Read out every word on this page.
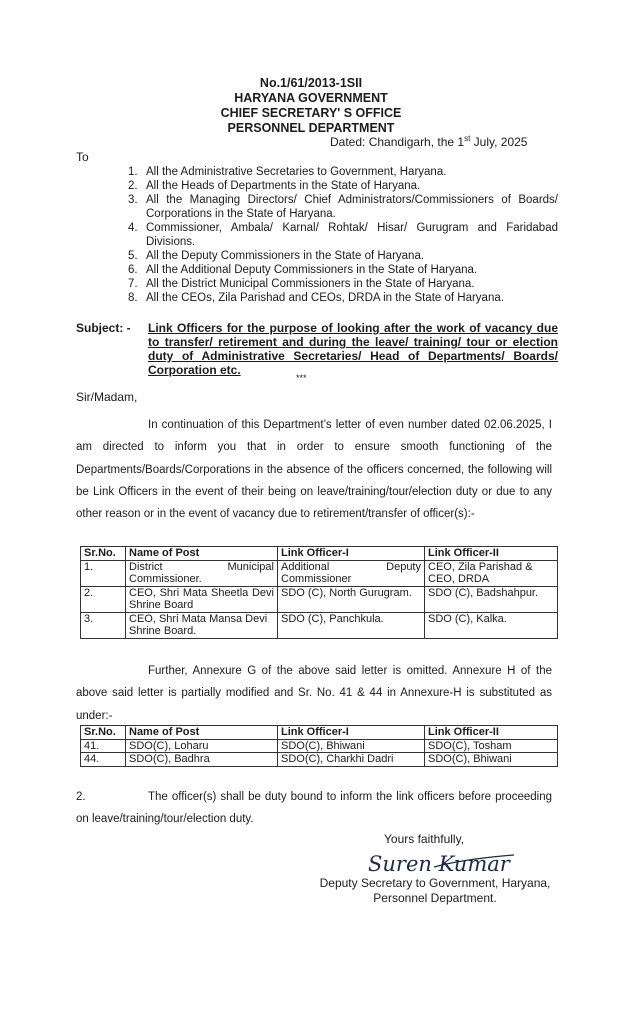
No.1/61/2013-1SII
HARYANA GOVERNMENT
CHIEF SECRETARY' S OFFICE
PERSONNEL DEPARTMENT
Dated: Chandigarh, the 1st July, 2025
To
1. All the Administrative Secretaries to Government, Haryana.
2. All the Heads of Departments in the State of Haryana.
3. All the Managing Directors/ Chief Administrators/Commissioners of Boards/ Corporations in the State of Haryana.
4. Commissioner, Ambala/ Karnal/ Rohtak/ Hisar/ Gurugram and Faridabad Divisions.
5. All the Deputy Commissioners in the State of Haryana.
6. All the Additional Deputy Commissioners in the State of Haryana.
7. All the District Municipal Commissioners in the State of Haryana.
8. All the CEOs, Zila Parishad and CEOs, DRDA in the State of Haryana.
Subject: - Link Officers for the purpose of looking after the work of vacancy due to transfer/ retirement and during the leave/ training/ tour or election duty of Administrative Secretaries/ Head of Departments/ Boards/ Corporation etc.
***
Sir/Madam,
In continuation of this Department’s letter of even number dated 02.06.2025, I am directed to inform you that in order to ensure smooth functioning of the Departments/Boards/Corporations in the absence of the officers concerned, the following will be Link Officers in the event of their being on leave/training/tour/election duty or due to any other reason or in the event of vacancy due to retirement/transfer of officer(s):-
Sr.No.	Name of Post	Link Officer-I	Link Officer-II
1.	District Municipal Commissioner.	Additional Deputy Commissioner	CEO, Zila Parishad & CEO, DRDA
2.	CEO, Shri Mata Sheetla Devi Shrine Board	SDO (C), North Gurugram.	SDO (C), Badshahpur.
3.	CEO, Shri Mata Mansa Devi Shrine Board.	SDO (C), Panchkula.	SDO (C), Kalka.
Further, Annexure G of the above said letter is omitted. Annexure H of the above said letter is partially modified and Sr. No. 41 & 44 in Annexure-H is substituted as under:-
Sr.No.	Name of Post	Link Officer-I	Link Officer-II
41.	SDO(C), Loharu	SDO(C), Bhiwani	SDO(C), Tosham
44.	SDO(C), Badhra	SDO(C), Charkhi Dadri	SDO(C), Bhiwani
2.	The officer(s) shall be duty bound to inform the link officers before proceeding on leave/training/tour/election duty.
Yours faithfully,
Suren Kumar
Deputy Secretary to Government, Haryana,
Personnel Department.
